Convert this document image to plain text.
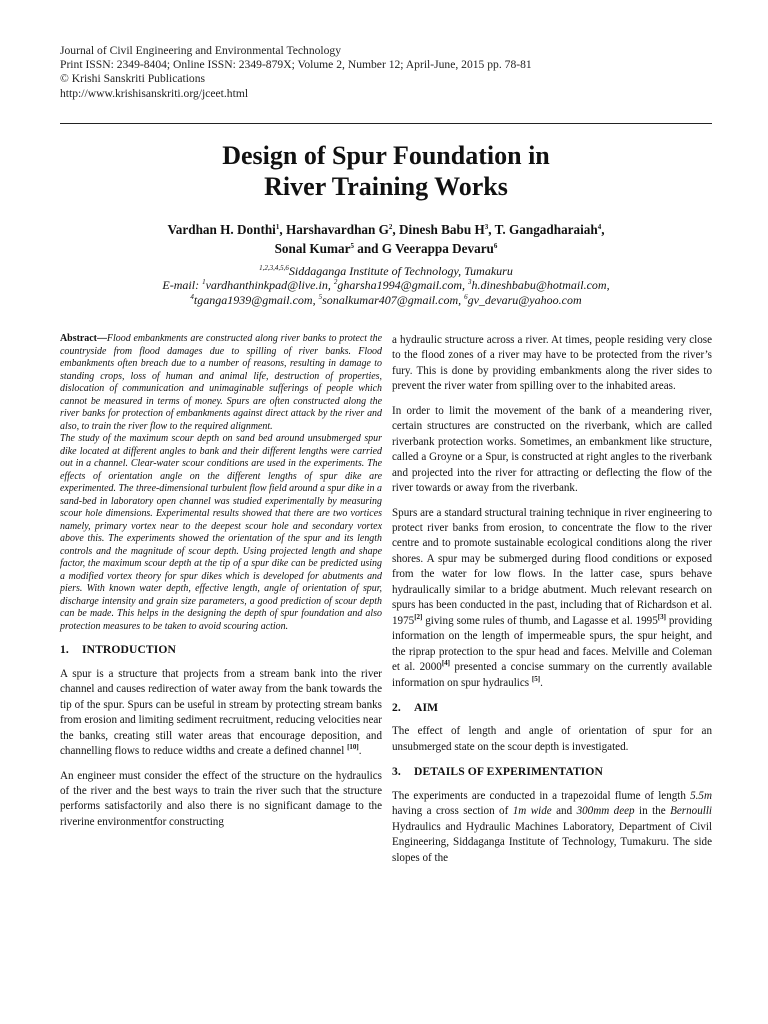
Journal of Civil Engineering and Environmental Technology
Print ISSN: 2349-8404; Online ISSN: 2349-879X; Volume 2, Number 12; April-June, 2015 pp. 78-81
© Krishi Sanskriti Publications
http://www.krishisanskriti.org/jceet.html
Design of Spur Foundation in
River Training Works
Vardhan H. Donthi$^1$, Harshavardhan $G^2$, Dinesh Babu $H^3$, T. Gangadharaiah$^4$,
Sonal Kumar$^5$ and G Veerappa Devaru$^6$
$^{1,2,3,4,5,6}$Siddaganga Institute of Technology, Tumakuru
E-mail: $^1$vardhanthinkpad@live.in, $^2$gharsha1994@gmail.com, $^3$h.dineshbabu@hotmail.com,
$^4$tganga1939@gmail.com, $^5$sonalkumar407@gmail.com, $^6$gv_devaru@yahoo.com

Abstract—Flood embankments are constructed along river banks to protect the countryside from flood damages due to spilling of river banks. Flood embankments often breach due to a number of reasons, resulting in damage to standing crops, loss of human and animal life, destruction of properties, dislocation of communication and unimaginable sufferings of people which cannot be measured in terms of money. Spurs are often constructed along the river banks for protection of embankments against direct attack by the river and also, to train the river flow to the required alignment.

The study of the maximum scour depth on sand bed around unsubmerged spur dike located at different angles to bank and their different lengths were carried out in a channel. Clear-water scour conditions are used in the experiments. The effects of orientation angle on the different lengths of spur dike are experimented. The three-dimensional turbulent flow field around a spur dike in a sand-bed in laboratory open channel was studied experimentally by measuring scour hole dimensions. Experimental results showed that there are two vortices namely, primary vortex near to the deepest scour hole and secondary vortex above this. The experiments showed the orientation of the spur and its length controls and the magnitude of scour depth. Using projected length and shape factor, the maximum scour depth at the tip of a spur dike can be predicted using a modified vortex theory for spur dikes which is developed for abutments and piers. With known water depth, effective length, angle of orientation of spur, discharge intensity and grain size parameters, a good prediction of scour depth can be made. This helps in the designing the depth of spur foundation and also protection measures to be taken to avoid scouring action.

1. INTRODUCTION

A spur is a structure that projects from a stream bank into the river channel and causes redirection of water away from the bank towards the tip of the spur. Spurs can be useful in stream by protecting stream banks from erosion and limiting sediment recruitment, reducing velocities near the banks, creating still water areas that encourage deposition, and channelling flows to reduce widths and create a defined channel [10].

An engineer must consider the effect of the structure on the hydraulics of the river and the best ways to train the river such that the structure performs satisfactorily and also there is no significant damage to the riverine environmentfor constructing

a hydraulic structure across a river. At times, people residing very close to the flood zones of a river may have to be protected from the river’s fury. This is done by providing embankments along the river sides to prevent the river water from spilling over to the inhabited areas.

In order to limit the movement of the bank of a meandering river, certain structures are constructed on the riverbank, which are called riverbank protection works. Sometimes, an embankment like structure, called a Groyne or a Spur, is constructed at right angles to the riverbank and projected into the river for attracting or deflecting the flow of the river towards or away from the riverbank.

Spurs are a standard structural training technique in river engineering to protect river banks from erosion, to concentrate the flow to the river centre and to promote sustainable ecological conditions along the river shores. A spur may be submerged during flood conditions or exposed from the water for low flows. In the latter case, spurs behave hydraulically similar to a bridge abutment. Much relevant research on spurs has been conducted in the past, including that of Richardson et al. 1975[2] giving some rules of thumb, and Lagasse et al. 1995[3] providing information on the length of impermeable spurs, the spur height, and the riprap protection to the spur head and faces. Melville and Coleman et al. 2000[4] presented a concise summary on the currently available information on spur hydraulics [5].

2. AIM

The effect of length and angle of orientation of spur for an unsubmerged state on the scour depth is investigated.

3. DETAILS OF EXPERIMENTATION

The experiments are conducted in a trapezoidal flume of length 5.5m having a cross section of 1m wide and 300mm deep in the Bernoulli Hydraulics and Hydraulic Machines Laboratory, Department of Civil Engineering, Siddaganga Institute of Technology, Tumakuru. The side slopes of the
